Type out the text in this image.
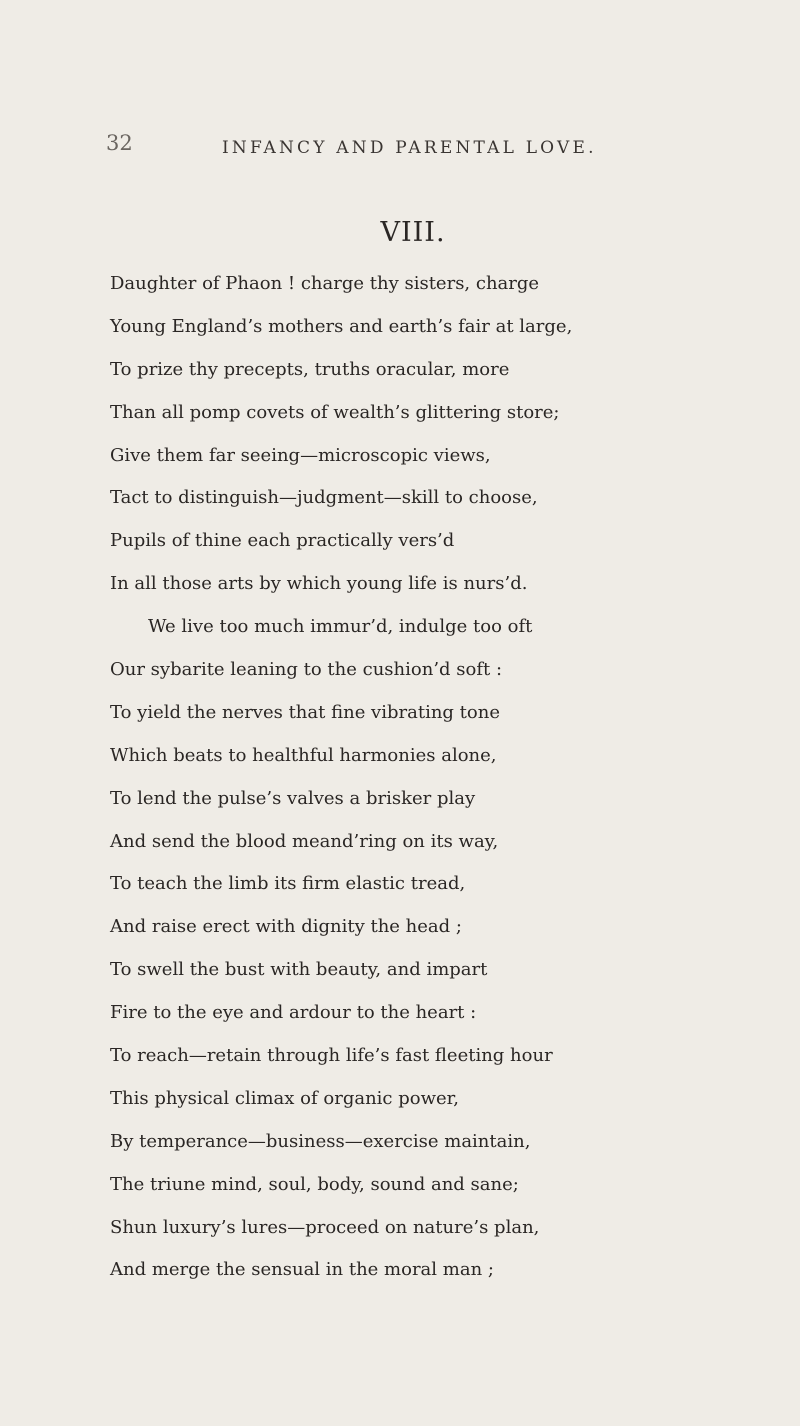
32	INFANCY AND PARENTAL LOVE.
VIII.
Daughter of Phaon ! charge thy sisters, charge
Young England’s mothers and earth’s fair at large,
To prize thy precepts, truths oracular, more
Than all pomp covets of wealth’s glittering store;
Give them far seeing—microscopic views,
Tact to distinguish—judgment—skill to choose,
Pupils of thine each practically vers’d
In all those arts by which young life is nurs’d.
We live too much immur’d, indulge too oft
Our sybarite leaning to the cushion’d soft :
To yield the nerves that fine vibrating tone
Which beats to healthful harmonies alone,
To lend the pulse’s valves a brisker play
And send the blood meand’ring on its way,
To teach the limb its firm elastic tread,
And raise erect with dignity the head ;
To swell the bust with beauty, and impart
Fire to the eye and ardour to the heart :
To reach—retain through life’s fast fleeting hour
This physical climax of organic power,
By temperance—business—exercise maintain,
The triune mind, soul, body, sound and sane;
Shun luxury’s lures—proceed on nature’s plan,
And merge the sensual in the moral man ;
